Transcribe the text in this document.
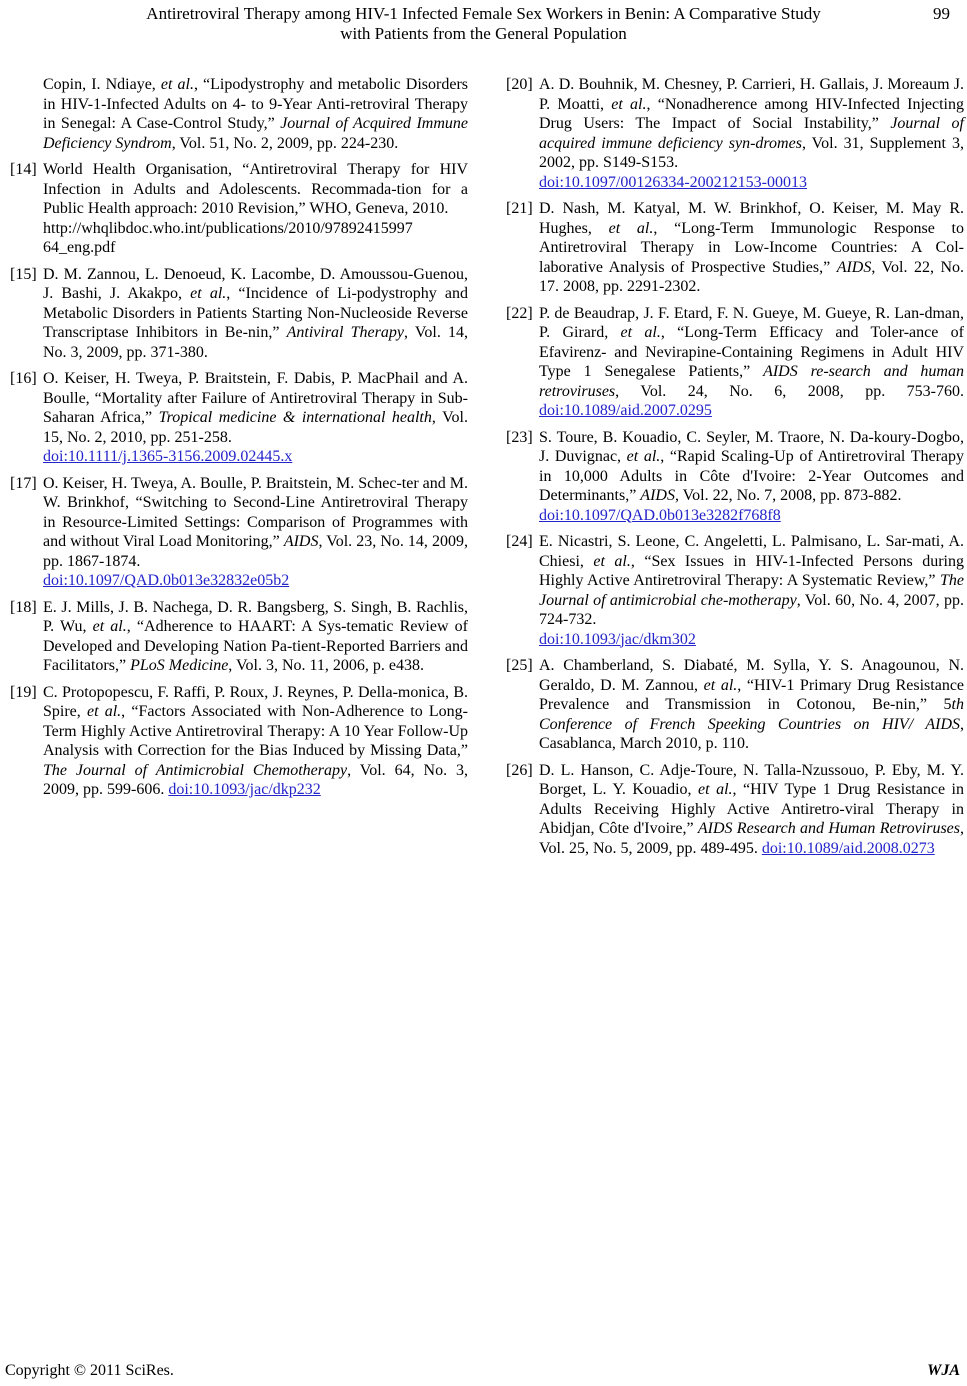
Antiretroviral Therapy among HIV-1 Infected Female Sex Workers in Benin: A Comparative Study
with Patients from the General Population
99
Copin, I. Ndiaye, et al., “Lipodystrophy and metabolic Disorders in HIV-1-Infected Adults on 4- to 9-Year Anti-retroviral Therapy in Senegal: A Case-Control Study,” Journal of Acquired Immune Deficiency Syndrom, Vol. 51, No. 2, 2009, pp. 224-230.
[14] World Health Organisation, “Antiretroviral Therapy for HIV Infection in Adults and Adolescents. Recommada-tion for a Public Health approach: 2010 Revision,” WHO, Geneva, 2010.
http://whqlibdoc.who.int/publications/2010/97892415997
64_eng.pdf
[15] D. M. Zannou, L. Denoeud, K. Lacombe, D. Amoussou-Guenou, J. Bashi, J. Akakpo, et al., “Incidence of Li-podystrophy and Metabolic Disorders in Patients Starting Non-Nucleoside Reverse Transcriptase Inhibitors in Be-nin,” Antiviral Therapy, Vol. 14, No. 3, 2009, pp. 371-380.
[16] O. Keiser, H. Tweya, P. Braitstein, F. Dabis, P. MacPhail and A. Boulle, “Mortality after Failure of Antiretroviral Therapy in Sub-Saharan Africa,” Tropical medicine & international health, Vol. 15, No. 2, 2010, pp. 251-258.
doi:10.1111/j.1365-3156.2009.02445.x
[17] O. Keiser, H. Tweya, A. Boulle, P. Braitstein, M. Schec-ter and M. W. Brinkhof, “Switching to Second-Line Antiretroviral Therapy in Resource-Limited Settings: Comparison of Programmes with and without Viral Load Monitoring,” AIDS, Vol. 23, No. 14, 2009, pp. 1867-1874.
doi:10.1097/QAD.0b013e32832e05b2
[18] E. J. Mills, J. B. Nachega, D. R. Bangsberg, S. Singh, B. Rachlis, P. Wu, et al., “Adherence to HAART: A Sys-tematic Review of Developed and Developing Nation Pa-tient-Reported Barriers and Facilitators,” PLoS Medicine, Vol. 3, No. 11, 2006, p. e438.
[19] C. Protopopescu, F. Raffi, P. Roux, J. Reynes, P. Della-monica, B. Spire, et al., “Factors Associated with Non-Adherence to Long-Term Highly Active Antiretroviral Therapy: A 10 Year Follow-Up Analysis with Correction for the Bias Induced by Missing Data,” The Journal of Antimicrobial Chemotherapy, Vol. 64, No. 3, 2009, pp. 599-606. doi:10.1093/jac/dkp232
[20] A. D. Bouhnik, M. Chesney, P. Carrieri, H. Gallais, J. Moreaum J. P. Moatti, et al., “Nonadherence among HIV-Infected Injecting Drug Users: The Impact of Social Instability,” Journal of acquired immune deficiency syn-dromes, Vol. 31, Supplement 3, 2002, pp. S149-S153.
doi:10.1097/00126334-200212153-00013
[21] D. Nash, M. Katyal, M. W. Brinkhof, O. Keiser, M. May R. Hughes, et al., “Long-Term Immunologic Response to Antiretroviral Therapy in Low-Income Countries: A Col-laborative Analysis of Prospective Studies,” AIDS, Vol. 22, No. 17. 2008, pp. 2291-2302.
[22] P. de Beaudrap, J. F. Etard, F. N. Gueye, M. Gueye, R. Lan-dman, P. Girard, et al., “Long-Term Efficacy and Toler-ance of Efavirenz- and Nevirapine-Containing Regimens in Adult HIV Type 1 Senegalese Patients,” AIDS re-search and human retroviruses, Vol. 24, No. 6, 2008, pp. 753-760. doi:10.1089/aid.2007.0295
[23] S. Toure, B. Kouadio, C. Seyler, M. Traore, N. Da-koury-Dogbo, J. Duvignac, et al., “Rapid Scaling-Up of Antiretroviral Therapy in 10,000 Adults in Côte d'Ivoire: 2-Year Outcomes and Determinants,” AIDS, Vol. 22, No. 7, 2008, pp. 873-882.
doi:10.1097/QAD.0b013e3282f768f8
[24] E. Nicastri, S. Leone, C. Angeletti, L. Palmisano, L. Sar-mati, A. Chiesi, et al., “Sex Issues in HIV-1-Infected Persons during Highly Active Antiretroviral Therapy: A Systematic Review,” The Journal of antimicrobial che-motherapy, Vol. 60, No. 4, 2007, pp. 724-732.
doi:10.1093/jac/dkm302
[25] A. Chamberland, S. Diabaté, M. Sylla, Y. S. Anagounou, N. Geraldo, D. M. Zannou, et al., “HIV-1 Primary Drug Resistance Prevalence and Transmission in Cotonou, Be-nin,” 5th Conference of French Speeking Countries on HIV/ AIDS, Casablanca, March 2010, p. 110.
[26] D. L. Hanson, C. Adje-Toure, N. Talla-Nzussouo, P. Eby, M. Y. Borget, L. Y. Kouadio, et al., “HIV Type 1 Drug Resistance in Adults Receiving Highly Active Antiretro-viral Therapy in Abidjan, Côte d'Ivoire,” AIDS Research and Human Retroviruses, Vol. 25, No. 5, 2009, pp. 489-495. doi:10.1089/aid.2008.0273
Copyright © 2011 SciRes.	WJA
